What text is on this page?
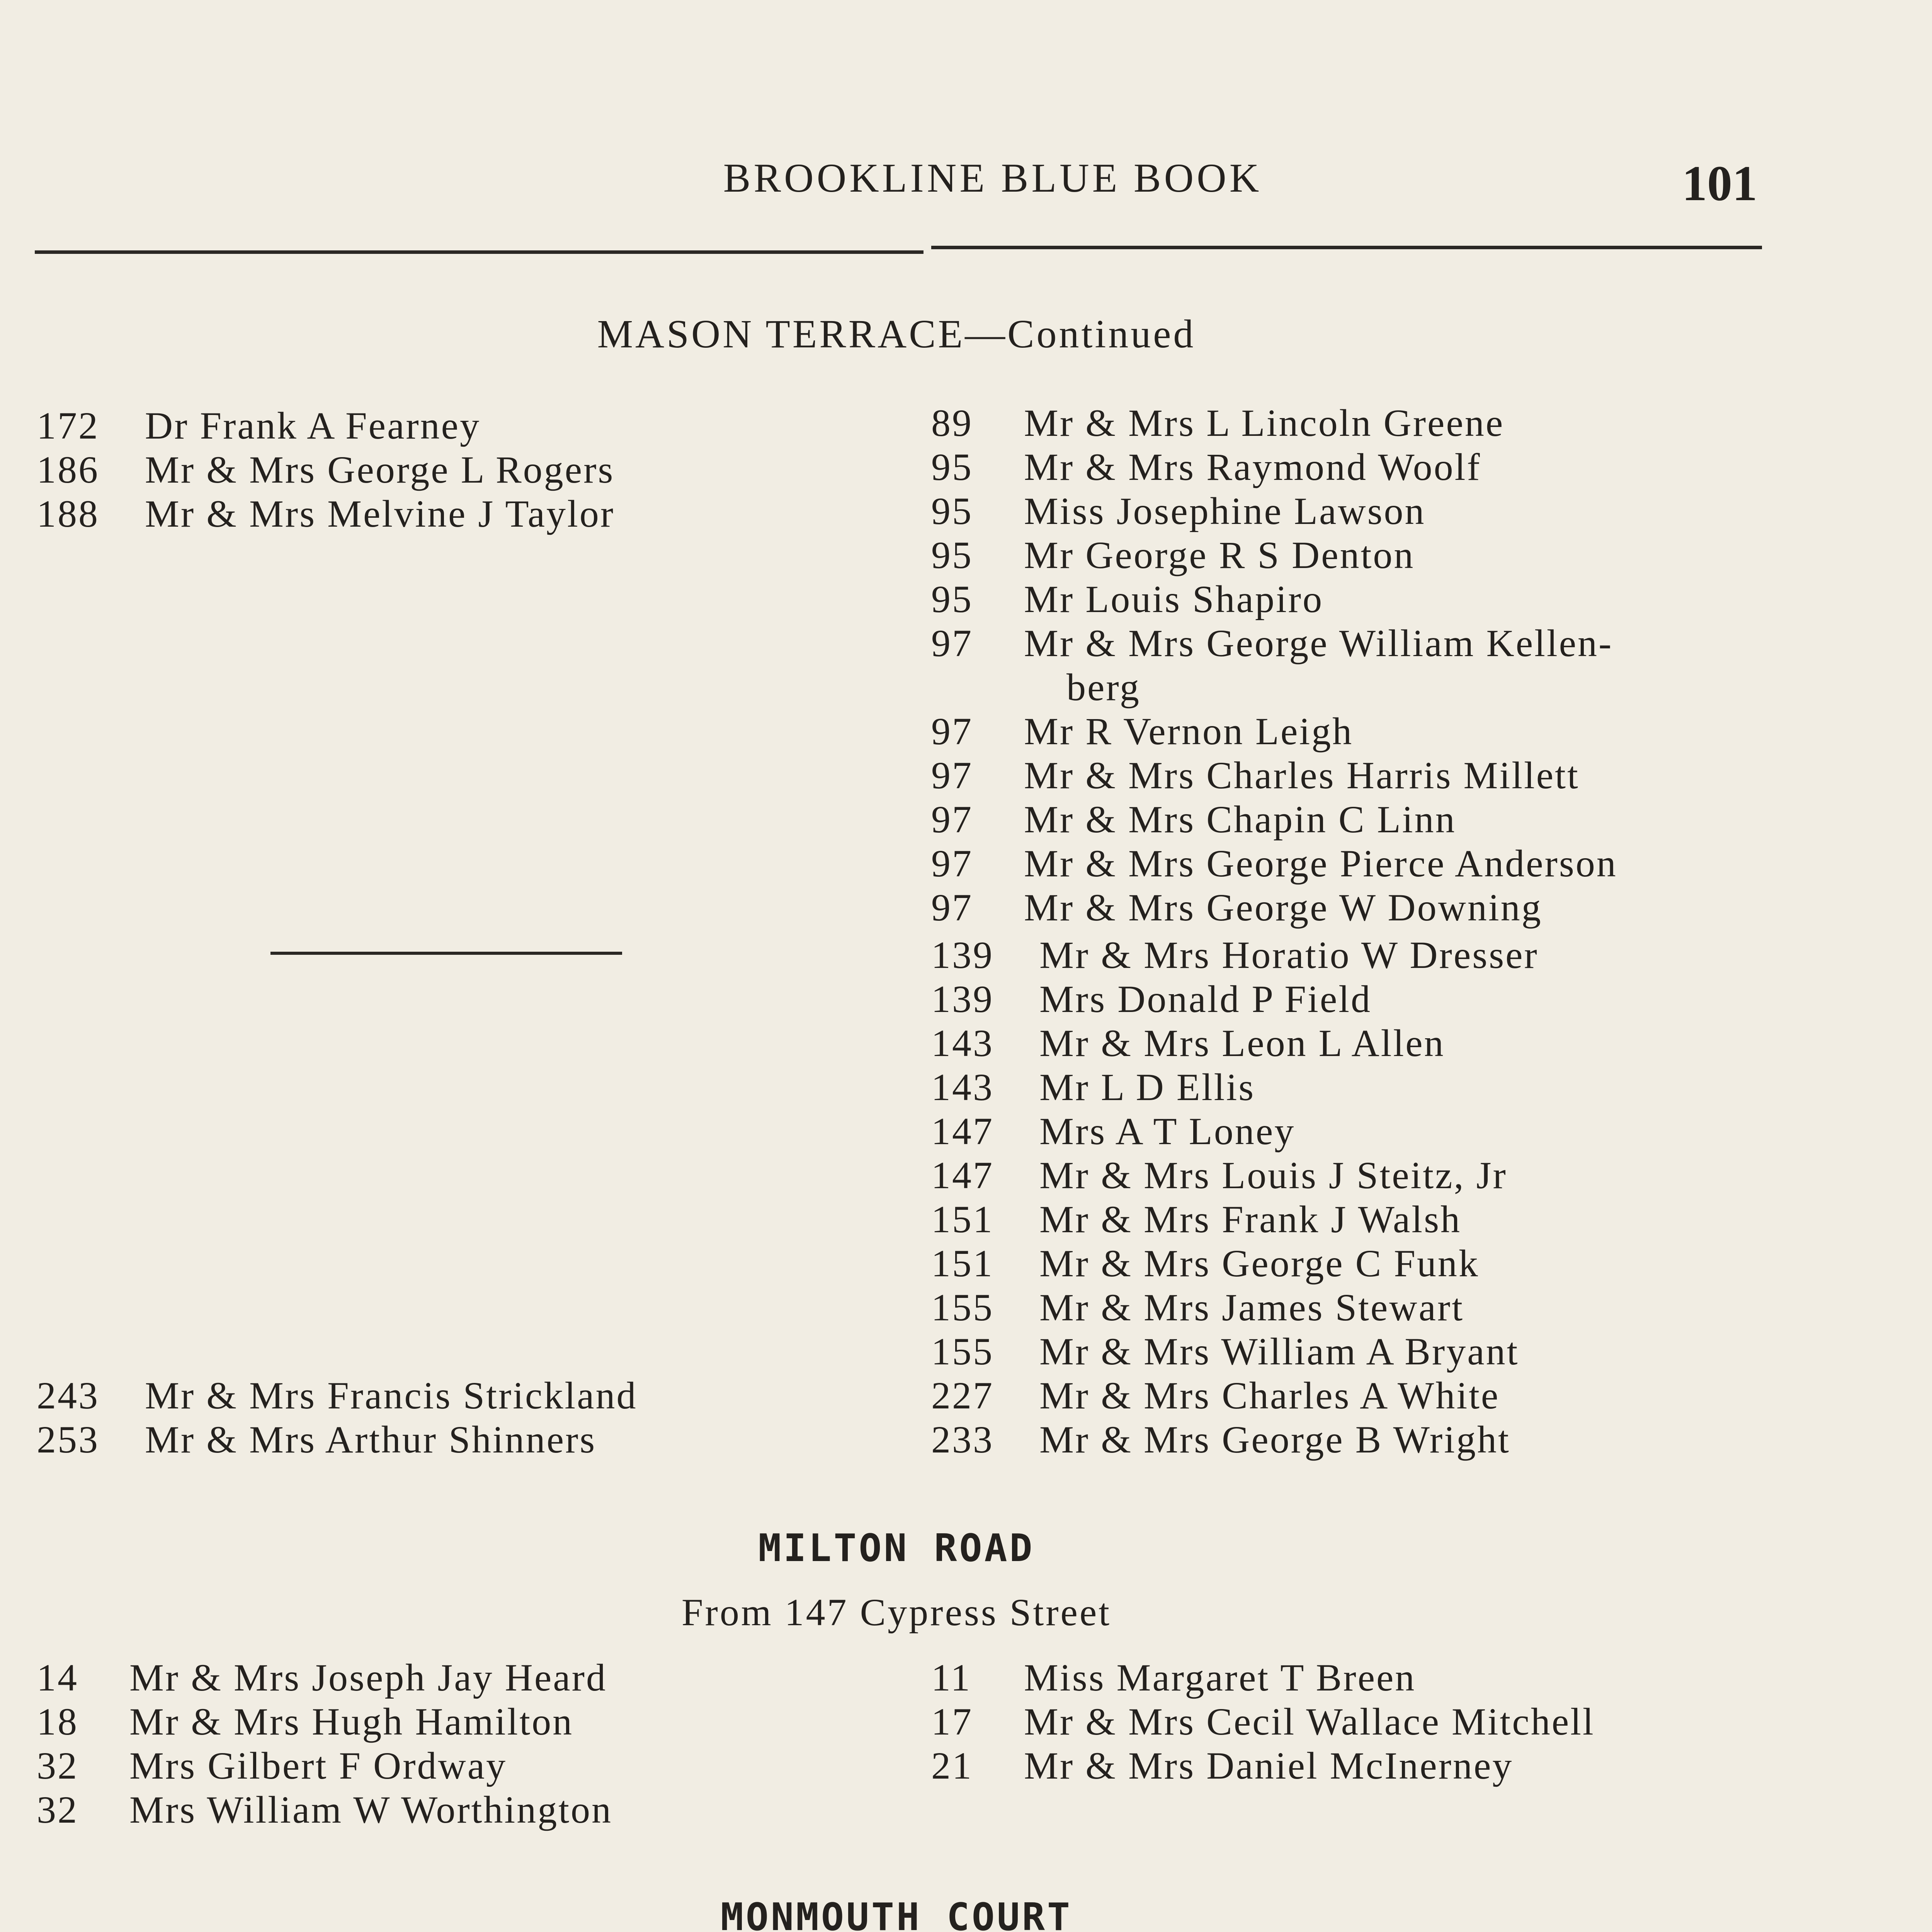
BROOKLINE BLUE BOOK	101
MASON TERRACE—Continued
172 Dr Frank A Fearney
186 Mr & Mrs George L Rogers
188 Mr & Mrs Melvine J Taylor
243 Mr & Mrs Francis Strickland
253 Mr & Mrs Arthur Shinners
89 Mr & Mrs L Lincoln Greene
95 Mr & Mrs Raymond Woolf
95 Miss Josephine Lawson
95 Mr George R S Denton
95 Mr Louis Shapiro
97 Mr & Mrs George William Kellen-
berg
97 Mr R Vernon Leigh
97 Mr & Mrs Charles Harris Millett
97 Mr & Mrs Chapin C Linn
97 Mr & Mrs George Pierce Anderson
97 Mr & Mrs George W Downing
139 Mr & Mrs Horatio W Dresser
139 Mrs Donald P Field
143 Mr & Mrs Leon L Allen
143 Mr L D Ellis
147 Mrs A T Loney
147 Mr & Mrs Louis J Steitz, Jr
151 Mr & Mrs Frank J Walsh
151 Mr & Mrs George C Funk
155 Mr & Mrs James Stewart
155 Mr & Mrs William A Bryant
227 Mr & Mrs Charles A White
233 Mr & Mrs George B Wright
MILTON ROAD
From 147 Cypress Street
14 Mr & Mrs Joseph Jay Heard
18 Mr & Mrs Hugh Hamilton
32 Mrs Gilbert F Ordway
32 Mrs William W Worthington
11 Miss Margaret T Breen
17 Mr & Mrs Cecil Wallace Mitchell
21 Mr & Mrs Daniel McInerney
MONMOUTH COURT
